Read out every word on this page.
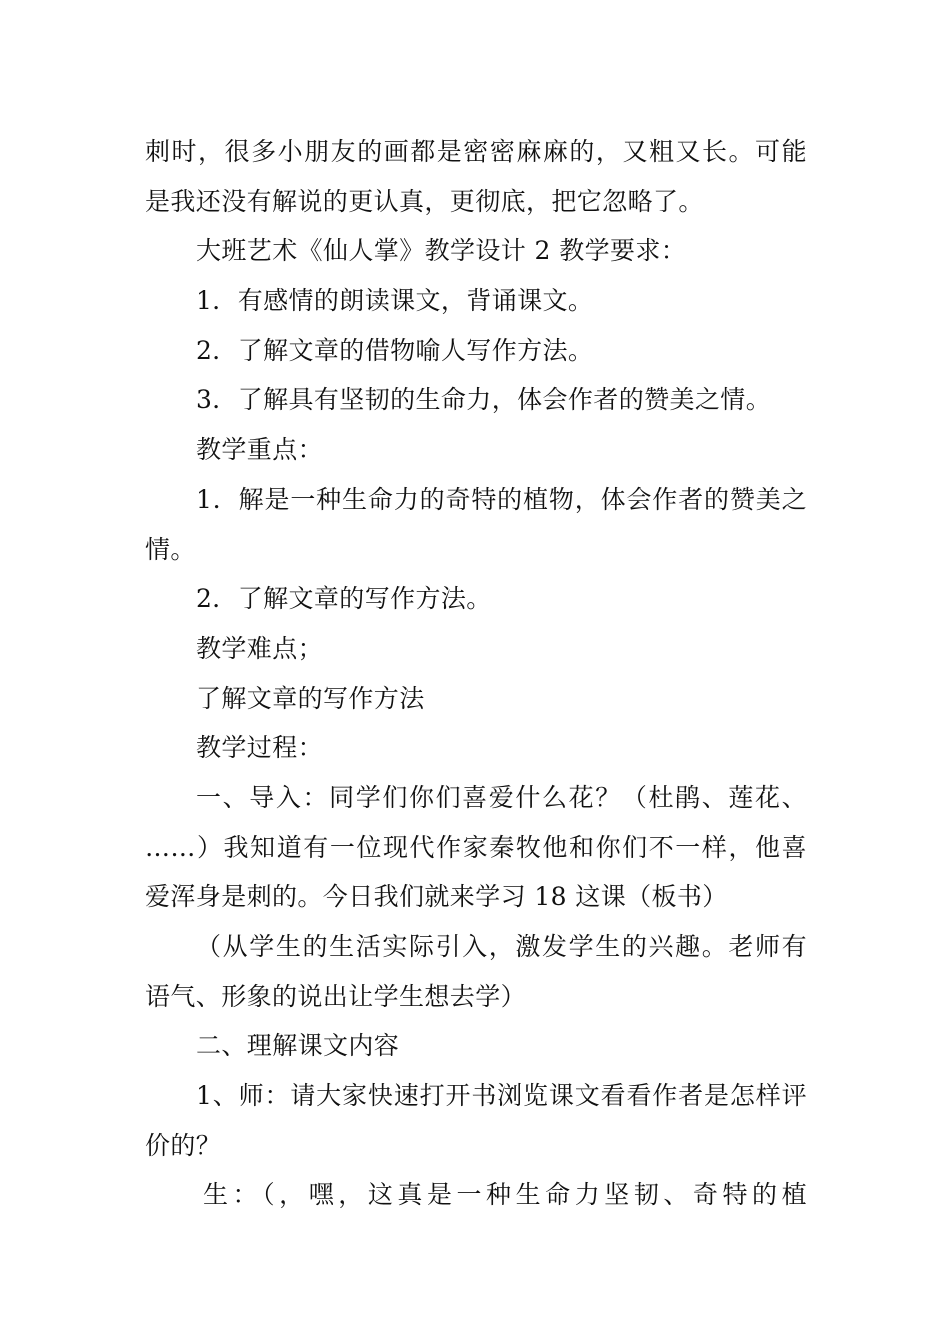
刺时，很多小朋友的画都是密密麻麻的，又粗又长。可能
是我还没有解说的更认真，更彻底，把它忽略了。
大班艺术《仙人掌》教学设计 2 教学要求：
1．有感情的朗读课文，背诵课文。
2．了解文章的借物喻人写作方法。
3．了解具有坚韧的生命力，体会作者的赞美之情。
教学重点：
1．解是一种生命力的奇特的植物，体会作者的赞美之
情。
2．了解文章的写作方法。
教学难点；
了解文章的写作方法
教学过程：
一、导入：同学们你们喜爱什么花？（杜鹃、莲花、
……）我知道有一位现代作家秦牧他和你们不一样，他喜
爱浑身是刺的。今日我们就来学习 18 这课（板书）
（从学生的生活实际引入，激发学生的兴趣。老师有
语气、形象的说出让学生想去学）
二、理解课文内容
1、师：请大家快速打开书浏览课文看看作者是怎样评
价的？
生：（，嘿，这真是一种生命力坚韧、奇特的植
